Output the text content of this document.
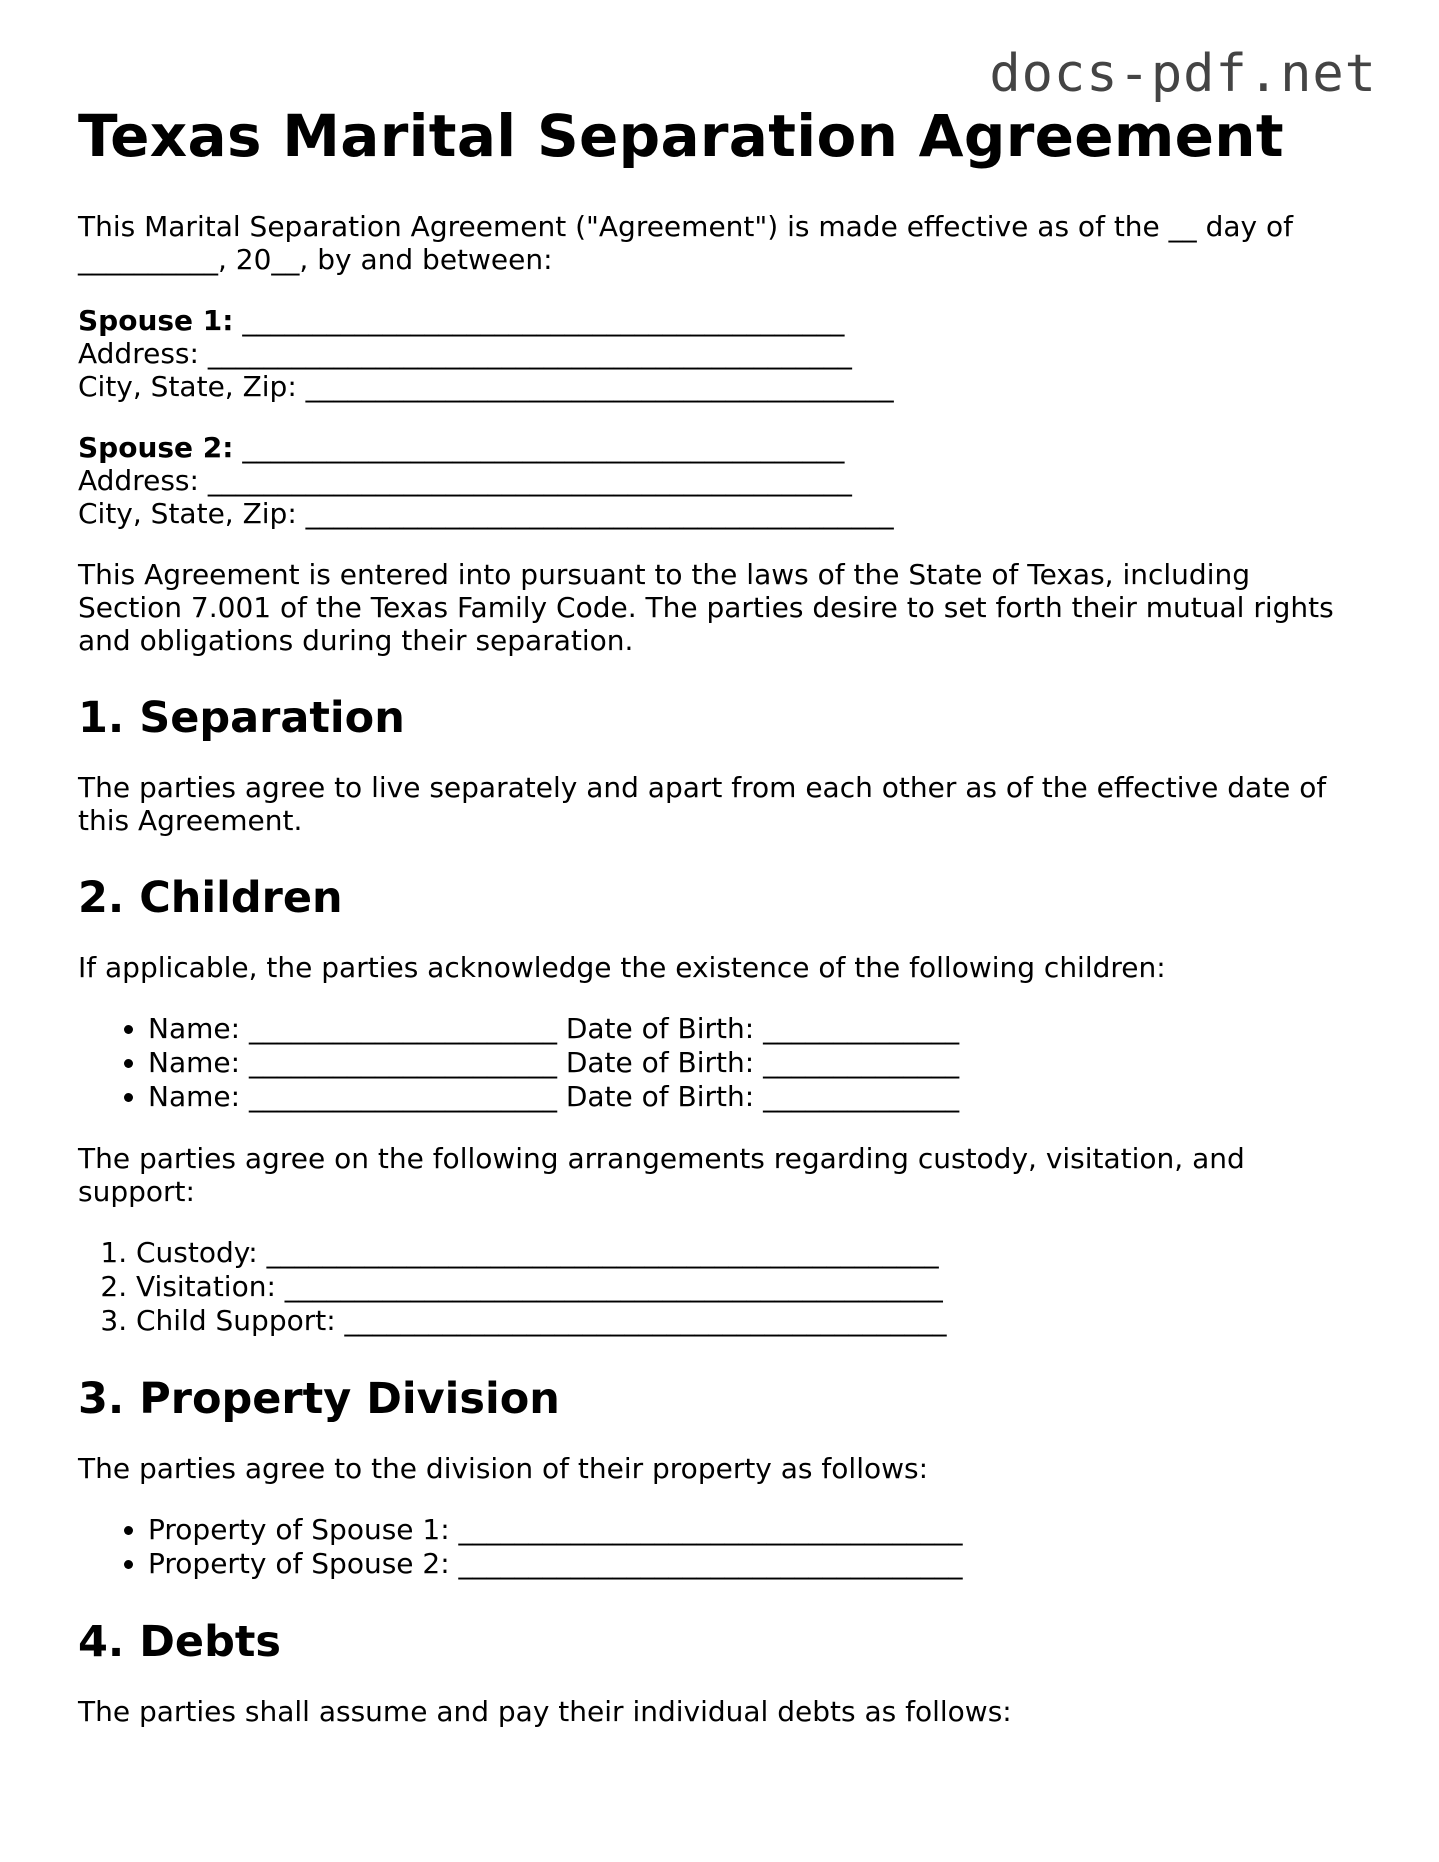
docs-pdf.net
Texas Marital Separation Agreement

This Marital Separation Agreement ("Agreement") is made effective as of the __ day of
__________, 20__, by and between:

Spouse 1: ___________________________________________
Address: ______________________________________________
City, State, Zip: __________________________________________
Spouse 2: ___________________________________________
Address: ______________________________________________
City, State, Zip: __________________________________________

This Agreement is entered into pursuant to the laws of the State of Texas, including
Section 7.001 of the Texas Family Code. The parties desire to set forth their mutual rights
and obligations during their separation.

1. Separation

The parties agree to live separately and apart from each other as of the effective date of
this Agreement.

2. Children

If applicable, the parties acknowledge the existence of the following children:

• Name: ______________________ Date of Birth: ______________
• Name: ______________________ Date of Birth: ______________
• Name: ______________________ Date of Birth: ______________

The parties agree on the following arrangements regarding custody, visitation, and
support:

1. Custody: ________________________________________________
2. Visitation: _______________________________________________
3. Child Support: ___________________________________________
3. Property Division

The parties agree to the division of their property as follows:

• Property of Spouse 1: ____________________________________
• Property of Spouse 2: ____________________________________
4. Debts

The parties shall assume and pay their individual debts as follows:
